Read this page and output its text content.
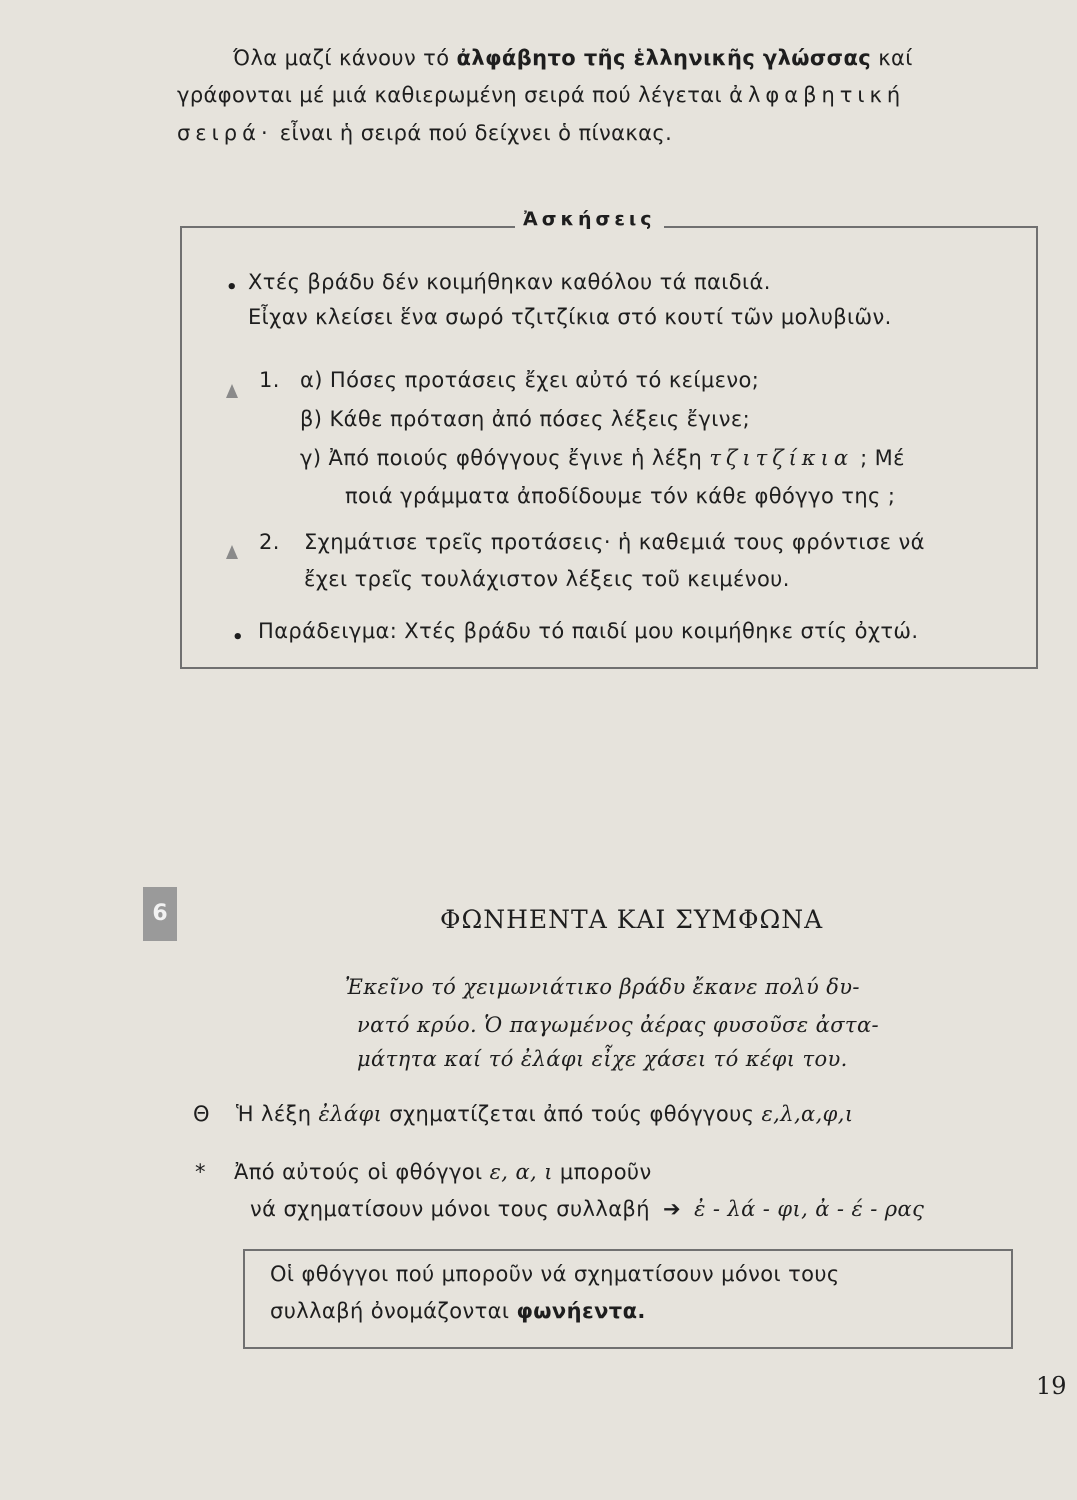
Όλα μαζί κάνουν τό ἀλφάβητο τῆς ἑλληνικῆς γλώσσας καί
γράφονται μέ μιά καθιερωμένη σειρά πού λέγεται ἀλφαβητική
σειρά· εἶναι ἡ σειρά πού δείχνει ὁ πίνακας.
Ἀσκήσεις
• Χτές βράδυ δέν κοιμήθηκαν καθόλου τά παιδιά.
Εἶχαν κλείσει ἕνα σωρό τζιτζίκια στό κουτί τῶν μολυβιῶν.
1. α) Πόσες προτάσεις ἔχει αὐτό τό κείμενο;
β) Κάθε πρόταση ἀπό πόσες λέξεις ἔγινε;
γ) Ἀπό ποιούς φθόγγους ἔγινε ἡ λέξη τζιτζίκια ; Μέ
ποιά γράμματα ἀποδίδουμε τόν κάθε φθόγγο της ;
2. Σχημάτισε τρεῖς προτάσεις· ἡ καθεμιά τους φρόντισε νά
ἔχει τρεῖς τουλάχιστον λέξεις τοῦ κειμένου.
• Παράδειγμα: Χτές βράδυ τό παιδί μου κοιμήθηκε στίς ὀχτώ.
6	ΦΩΝΗΕΝΤΑ ΚΑΙ ΣΥΜΦΩΝΑ
Ἐκεῖνο τό χειμωνιάτικο βράδυ ἔκανε πολύ δυ-
νατό κρύο. Ὁ παγωμένος ἀέρας φυσοῦσε ἀστα-
μάτητα καί τό ἐλάφι εἶχε χάσει τό κέφι του.
Θ Ἡ λέξη ἐλάφι σχηματίζεται ἀπό τούς φθόγγους ε,λ,α,φ,ι
* Ἀπό αὐτούς οἱ φθόγγοι ε, α, ι μποροῦν
νά σχηματίσουν μόνοι τους συλλαβή ➔ ἐ - λά - φι, ἀ - έ - ρας
Οἱ φθόγγοι πού μποροῦν νά σχηματίσουν μόνοι τους
συλλαβή ὀνομάζονται φωνήεντα.
19
